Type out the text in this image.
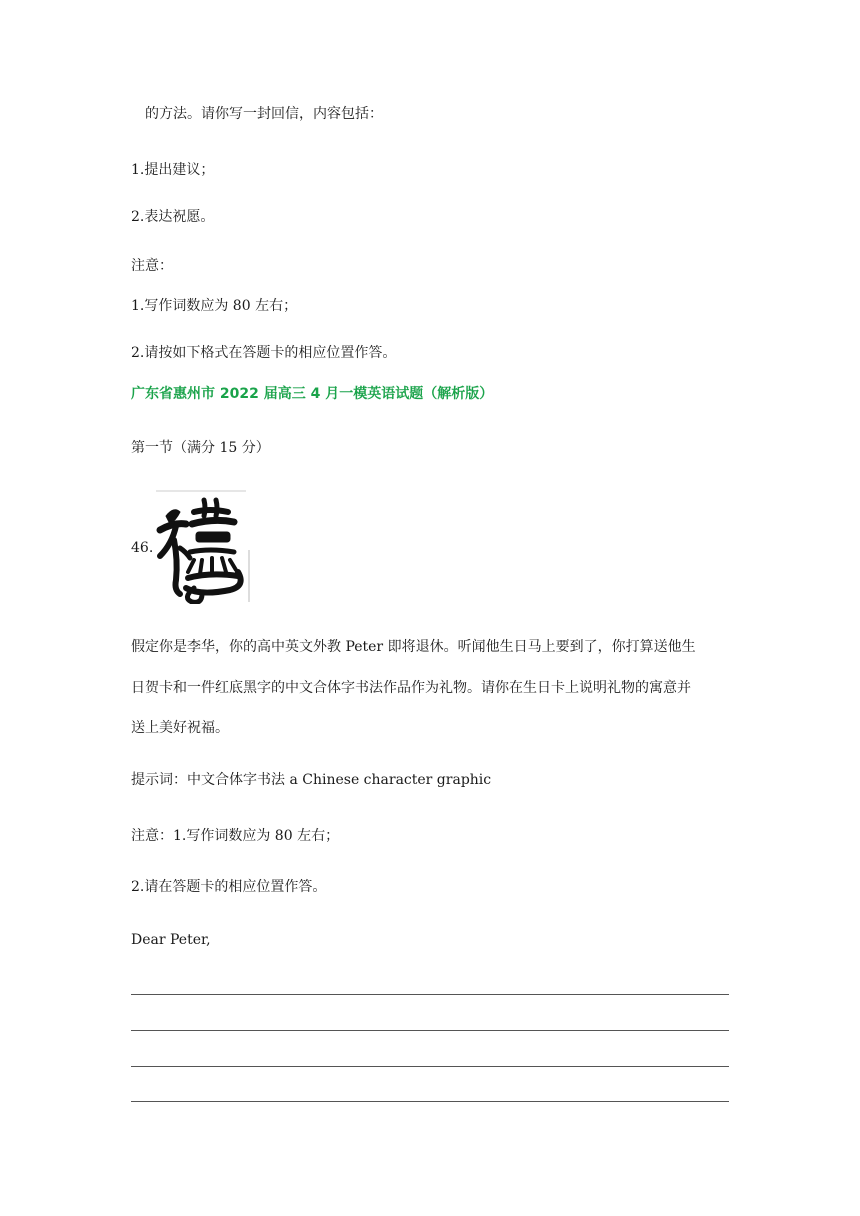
的方法。请你写一封回信，内容包括：

1.提出建议；

2.表达祝愿。

注意：

1.写作词数应为 80 左右；

2.请按如下格式在答题卡的相应位置作答。

广东省惠州市 2022 届高三 4 月一模英语试题（解析版）

第一节（满分 15 分）

46.

假定你是李华，你的高中英文外教 Peter 即将退休。听闻他生日马上要到了，你打算送他生

日贺卡和一件红底黑字的中文合体字书法作品作为礼物。请你在生日卡上说明礼物的寓意并

送上美好祝福。

提示词：中文合体字书法 a Chinese character graphic

注意：1.写作词数应为 80 左右；

2.请在答题卡的相应位置作答。

Dear Peter,
